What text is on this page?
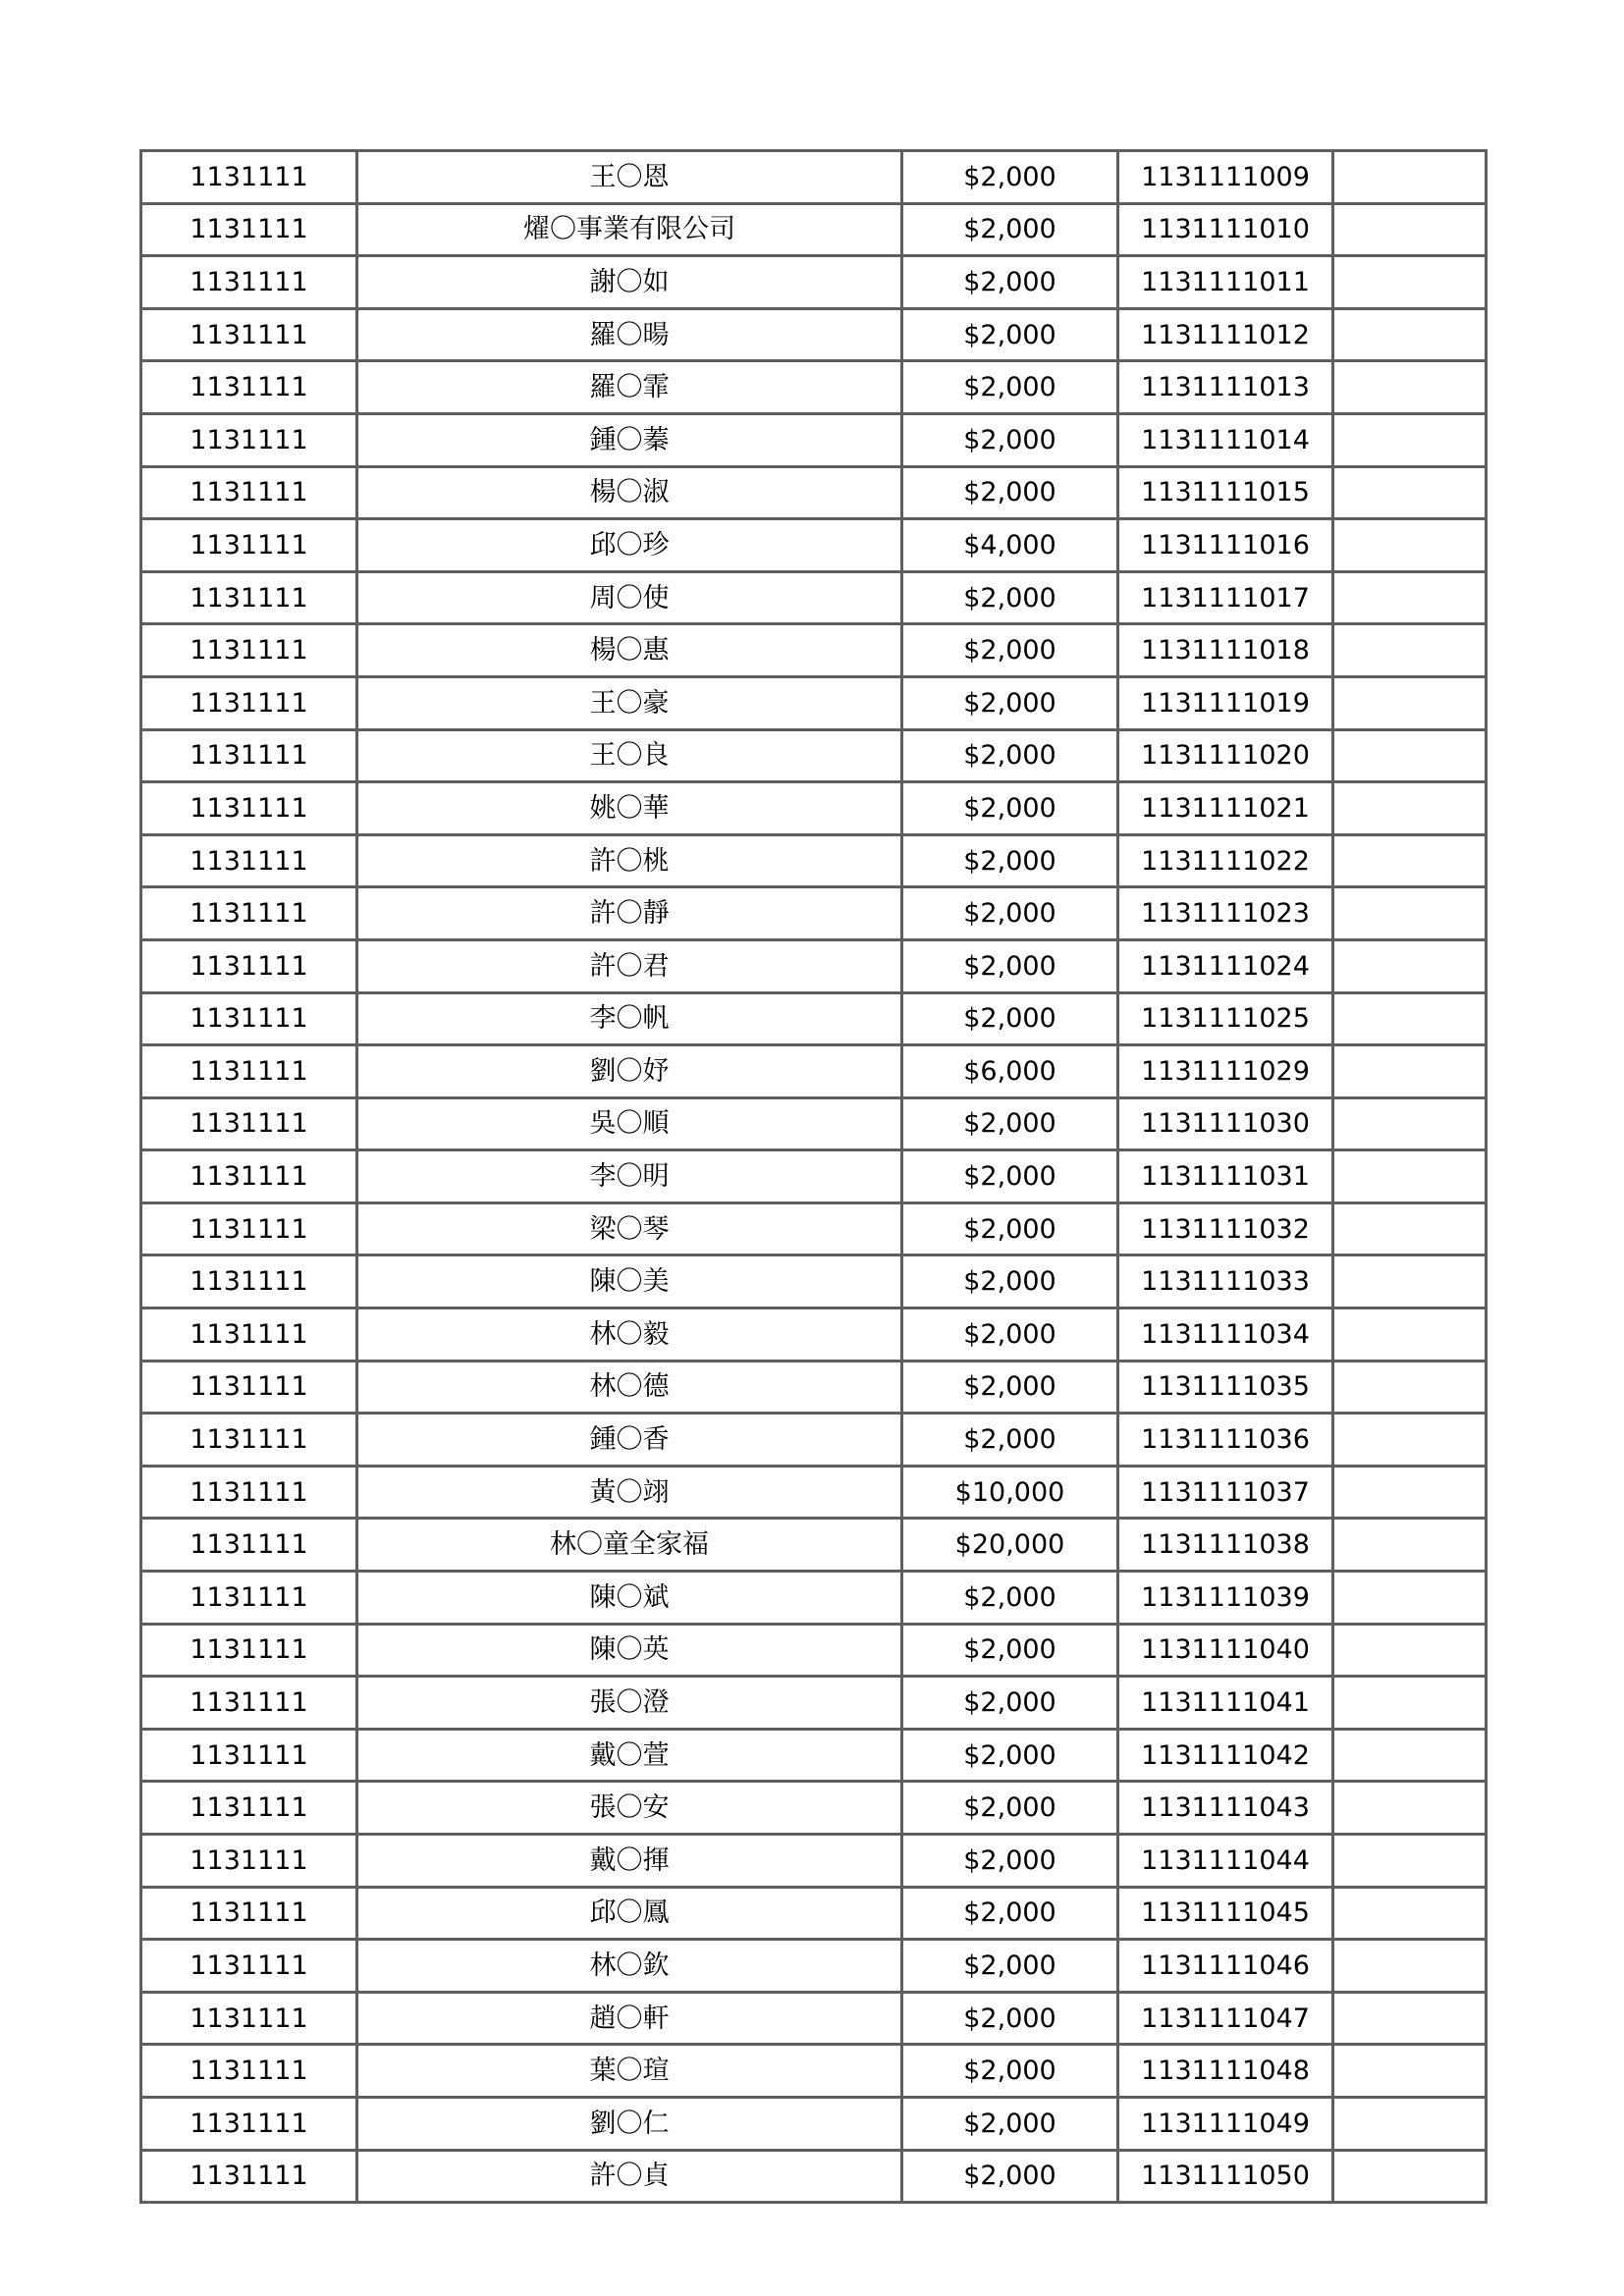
1131111	王〇恩	$2,000	1131111009	
1131111	燿〇事業有限公司	$2,000	1131111010	
1131111	謝〇如	$2,000	1131111011	
1131111	羅〇暘	$2,000	1131111012	
1131111	羅〇霏	$2,000	1131111013	
1131111	鍾〇蓁	$2,000	1131111014	
1131111	楊〇淑	$2,000	1131111015	
1131111	邱〇珍	$4,000	1131111016	
1131111	周〇使	$2,000	1131111017	
1131111	楊〇惠	$2,000	1131111018	
1131111	王〇豪	$2,000	1131111019	
1131111	王〇良	$2,000	1131111020	
1131111	姚〇華	$2,000	1131111021	
1131111	許〇桃	$2,000	1131111022	
1131111	許〇靜	$2,000	1131111023	
1131111	許〇君	$2,000	1131111024	
1131111	李〇帆	$2,000	1131111025	
1131111	劉〇妤	$6,000	1131111029	
1131111	吳〇順	$2,000	1131111030	
1131111	李〇明	$2,000	1131111031	
1131111	梁〇琴	$2,000	1131111032	
1131111	陳〇美	$2,000	1131111033	
1131111	林〇毅	$2,000	1131111034	
1131111	林〇德	$2,000	1131111035	
1131111	鍾〇香	$2,000	1131111036	
1131111	黃〇翊	$10,000	1131111037	
1131111	林〇童全家福	$20,000	1131111038	
1131111	陳〇斌	$2,000	1131111039	
1131111	陳〇英	$2,000	1131111040	
1131111	張〇澄	$2,000	1131111041	
1131111	戴〇萱	$2,000	1131111042	
1131111	張〇安	$2,000	1131111043	
1131111	戴〇揮	$2,000	1131111044	
1131111	邱〇鳳	$2,000	1131111045	
1131111	林〇欽	$2,000	1131111046	
1131111	趙〇軒	$2,000	1131111047	
1131111	葉〇瑄	$2,000	1131111048	
1131111	劉〇仁	$2,000	1131111049	
1131111	許〇貞	$2,000	1131111050	
